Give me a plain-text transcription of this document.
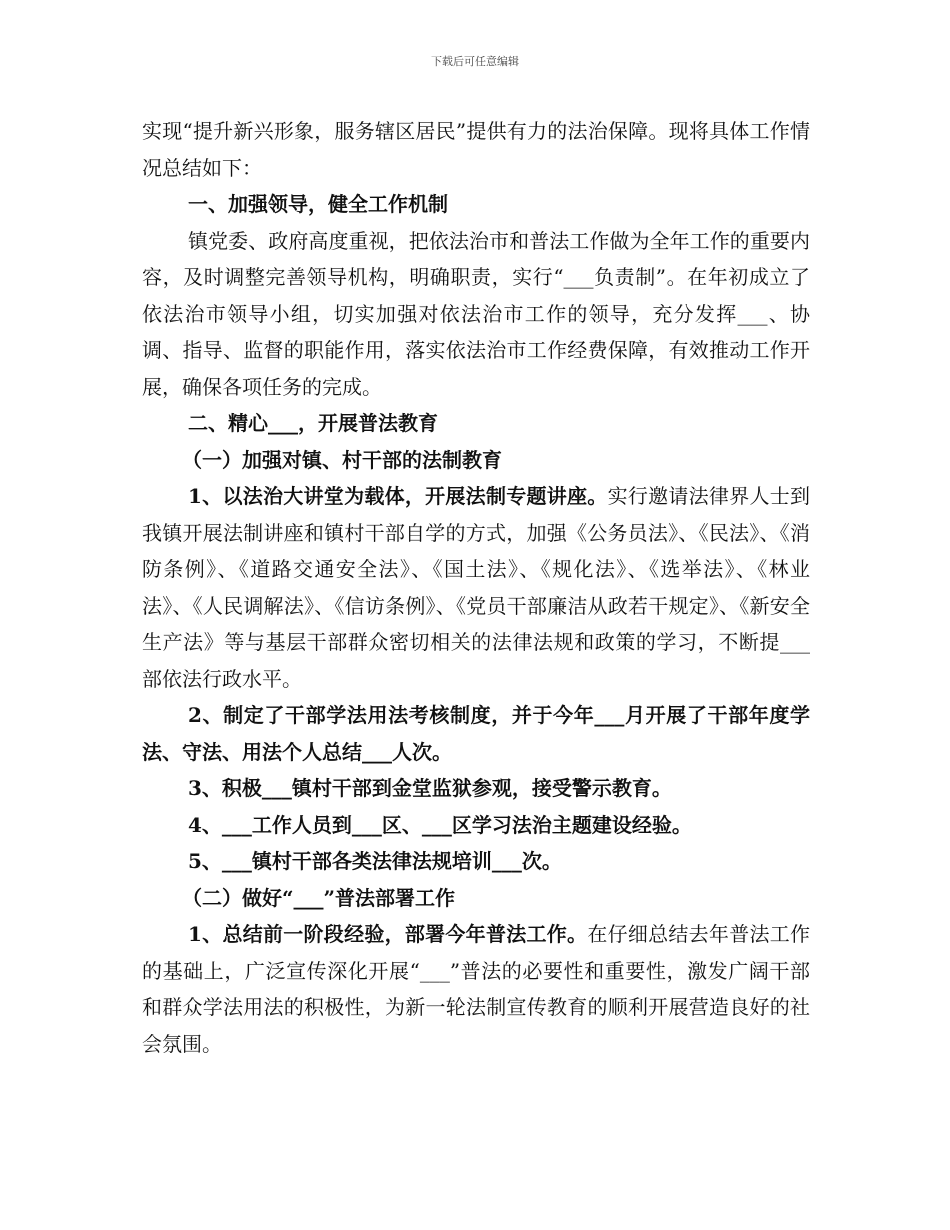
下载后可任意编辑

实现“提升新兴形象，服务辖区居民”提供有力的法治保障。现将具体工作情况总结如下：

一、加强领导，健全工作机制

镇党委、政府高度重视，把依法治市和普法工作做为全年工作的重要内容，及时调整完善领导机构，明确职责，实行“___负责制”。在年初成立了依法治市领导小组，切实加强对依法治市工作的领导，充分发挥___、协调、指导、监督的职能作用，落实依法治市工作经费保障，有效推动工作开展，确保各项任务的完成。

二、精心___，开展普法教育

（一）加强对镇、村干部的法制教育

1、以法治大讲堂为载体，开展法制专题讲座。实行邀请法律界人士到我镇开展法制讲座和镇村干部自学的方式，加强《公务员法》、《民法》、《消防条例》、《道路交通安全法》、《国土法》、《规化法》、《选举法》、《林业法》、《人民调解法》、《信访条例》、《党员干部廉洁从政若干规定》、《新安全生产法》等与基层干部群众密切相关的法律法规和政策的学习，不断提___部依法行政水平。

2、制定了干部学法用法考核制度，并于今年___月开展了干部年度学法、守法、用法个人总结___人次。

3、积极___镇村干部到金堂监狱参观，接受警示教育。

4、___工作人员到___区、___区学习法治主题建设经验。

5、___镇村干部各类法律法规培训___次。

（二）做好“___”普法部署工作

1、总结前一阶段经验，部署今年普法工作。在仔细总结去年普法工作的基础上，广泛宣传深化开展“___”普法的必要性和重要性，激发广阔干部和群众学法用法的积极性，为新一轮法制宣传教育的顺利开展营造良好的社会氛围。
